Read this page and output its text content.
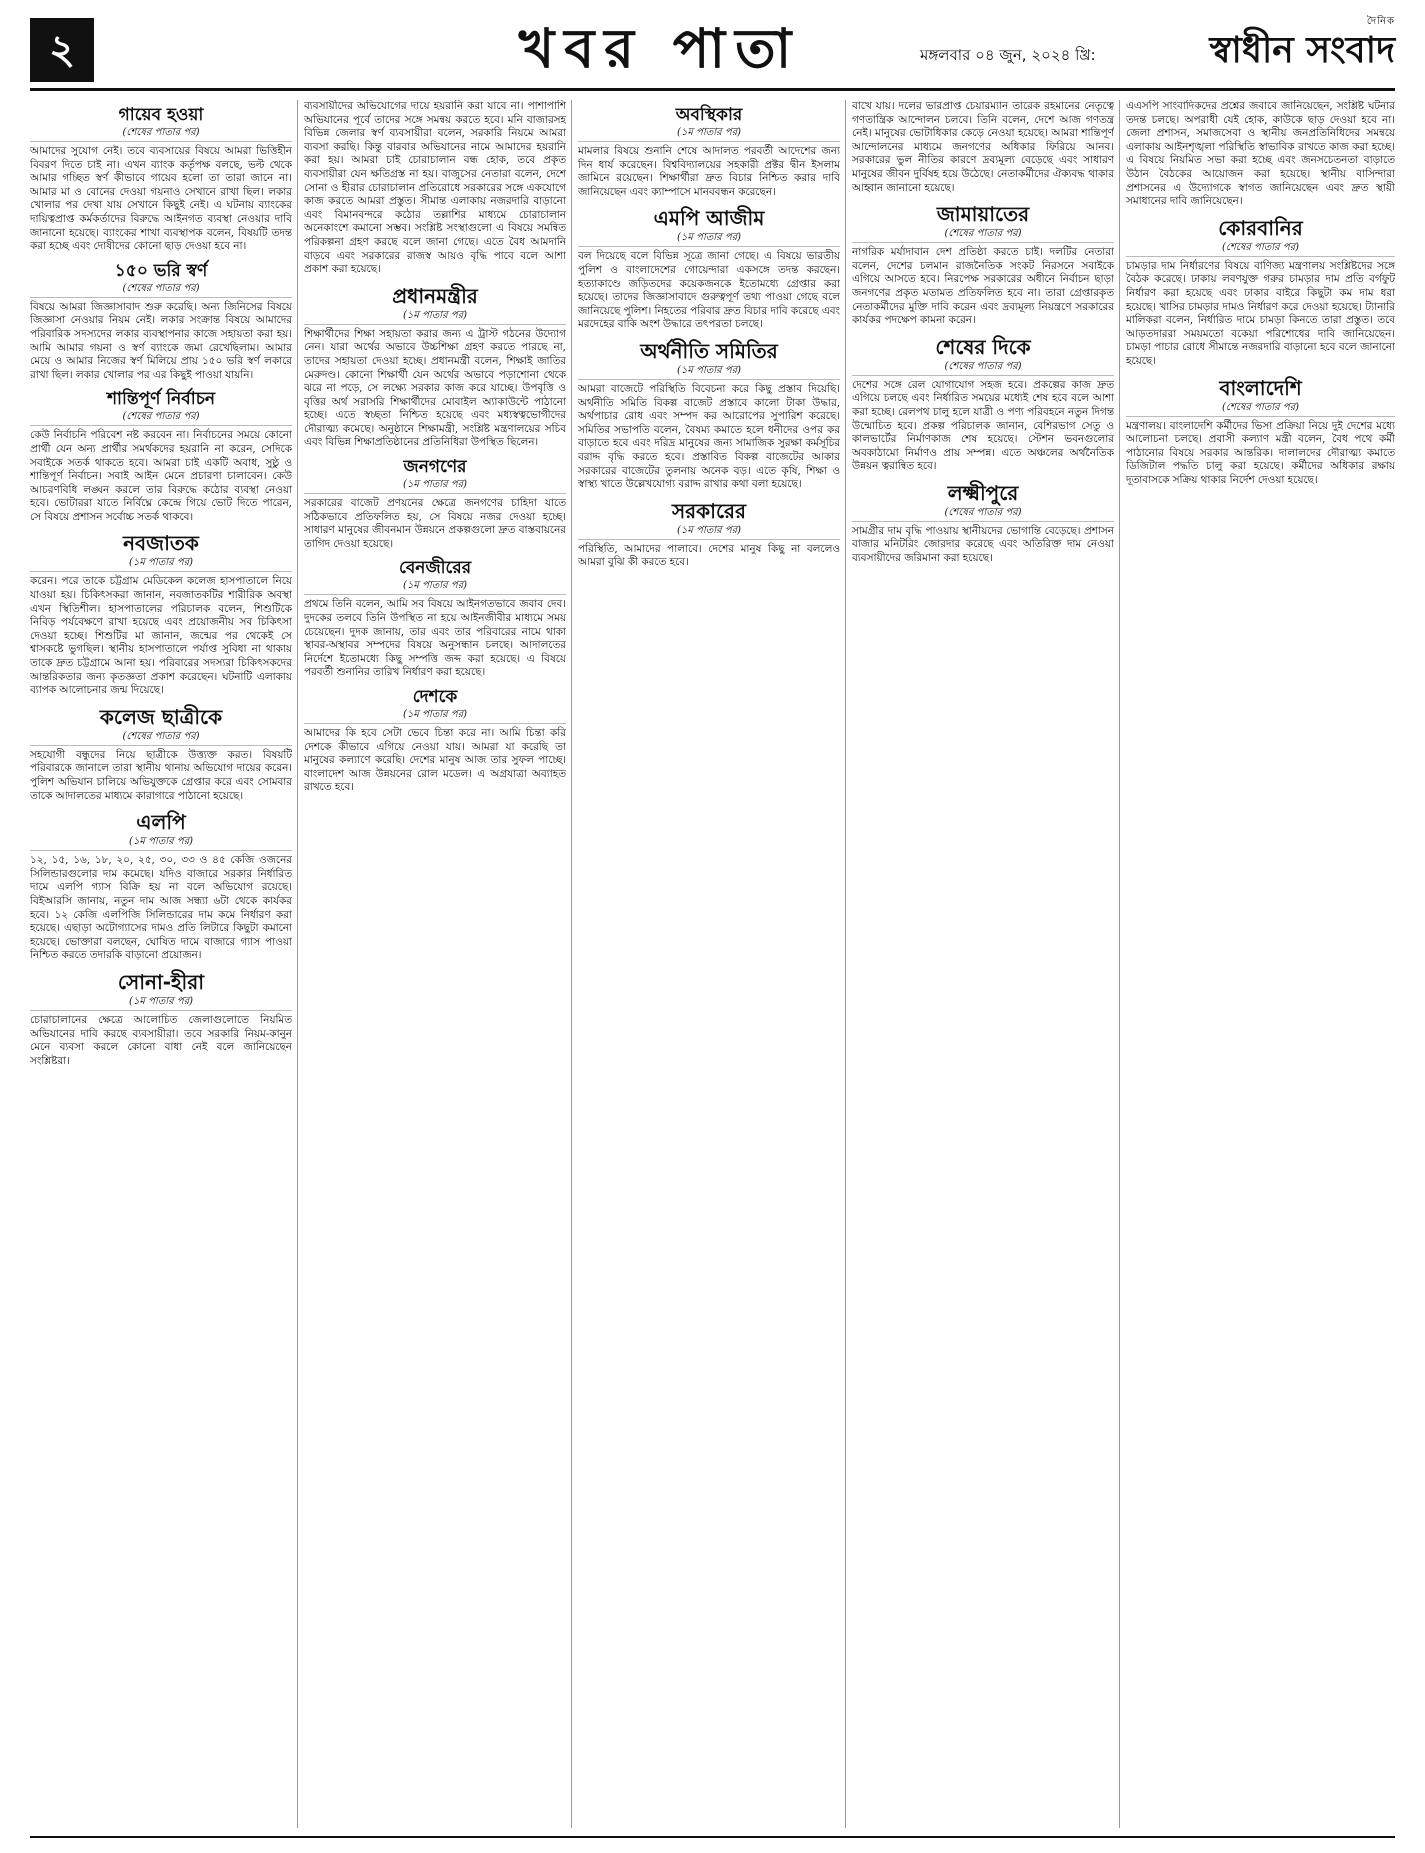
২	খবর পাতা	মঙ্গলবার ০৪ জুন, ২০২৪ খ্রি:
দৈনিক
স্বাধীন সংবাদ
গায়েব হওয়া
(শেষের পাতার পর)

আমাদের সুযোগ নেই। তবে ব্যবসায়ের বিষয়ে আমরা ভিত্তিহীন বিবরণ দিতে চাই না। এখন ব্যাংক কর্তৃপক্ষ বলছে, ভল্ট থেকে আমার গচ্ছিত স্বর্ণ কীভাবে গায়েব হলো তা তারা জানে না। আমার মা ও বোনের দেওয়া গয়নাও সেখানে রাখা ছিল। লকার খোলার পর দেখা যায় সেখানে কিছুই নেই। এ ঘটনায় ব্যাংকের দায়িত্বপ্রাপ্ত কর্মকর্তাদের বিরুদ্ধে আইনগত ব্যবস্থা নেওয়ার দাবি জানানো হয়েছে। ব্যাংকের শাখা ব্যবস্থাপক বলেন, বিষয়টি তদন্ত করা হচ্ছে এবং দোষীদের কোনো ছাড় দেওয়া হবে না।

১৫০ ভরি স্বর্ণ
(শেষের পাতার পর)

বিষয়ে আমরা জিজ্ঞাসাবাদ শুরু করেছি। অন্য জিনিসের বিষয়ে জিজ্ঞাসা নেওয়ার নিয়ম নেই। লকার সংক্রান্ত বিষয়ে আমাদের পরিবারিক সদস্যদের লকার ব্যবস্থাপনার কাজে সহায়তা করা হয়। আমি আমার গয়না ও স্বর্ণ ব্যাংকে জমা রেখেছিলাম। আমার মেয়ে ও আমার নিজের স্বর্ণ মিলিয়ে প্রায় ১৫০ ভরি স্বর্ণ লকারে রাখা ছিল। লকার খোলার পর এর কিছুই পাওয়া যায়নি।

শান্তিপূর্ণ নির্বাচন
(শেষের পাতার পর)

কেউ নির্বাচনি পরিবেশ নষ্ট করবেন না। নির্বাচনের সময়ে কোনো প্রার্থী যেন অন্য প্রার্থীর সমর্থকদের হয়রানি না করেন, সেদিকে সবাইকে সতর্ক থাকতে হবে। আমরা চাই একটি অবাধ, সুষ্ঠু ও শান্তিপূর্ণ নির্বাচন। সবাই আইন মেনে প্রচারণা চালাবেন। কেউ আচরণবিধি লঙ্ঘন করলে তার বিরুদ্ধে কঠোর ব্যবস্থা নেওয়া হবে। ভোটাররা যাতে নির্বিঘ্নে কেন্দ্রে গিয়ে ভোট দিতে পারেন, সে বিষয়ে প্রশাসন সর্বোচ্চ সতর্ক থাকবে।

নবজাতক
(১ম পাতার পর)

করেন। পরে তাকে চট্টগ্রাম মেডিকেল কলেজ হাসপাতালে নিয়ে যাওয়া হয়। চিকিৎসকরা জানান, নবজাতকটির শারীরিক অবস্থা এখন স্থিতিশীল। হাসপাতালের পরিচালক বলেন, শিশুটিকে নিবিড় পর্যবেক্ষণে রাখা হয়েছে এবং প্রয়োজনীয় সব চিকিৎসা দেওয়া হচ্ছে। শিশুটির মা জানান, জন্মের পর থেকেই সে শ্বাসকষ্টে ভুগছিল। স্থানীয় হাসপাতালে পর্যাপ্ত সুবিধা না থাকায় তাকে দ্রুত চট্টগ্রামে আনা হয়। পরিবারের সদস্যরা চিকিৎসকদের আন্তরিকতার জন্য কৃতজ্ঞতা প্রকাশ করেছেন। ঘটনাটি এলাকায় ব্যাপক আলোচনার জন্ম দিয়েছে।

কলেজ ছাত্রীকে
(শেষের পাতার পর)

সহযোগী বন্ধুদের নিয়ে ছাত্রীকে উত্ত্যক্ত করত। বিষয়টি পরিবারকে জানালে তারা স্থানীয় থানায় অভিযোগ দায়ের করেন। পুলিশ অভিযান চালিয়ে অভিযুক্তকে গ্রেপ্তার করে এবং সোমবার তাকে আদালতের মাধ্যমে কারাগারে পাঠানো হয়েছে।

এলপি
(১ম পাতার পর)

১২, ১৫, ১৬, ১৮, ২০, ২৫, ৩০, ৩৩ ও ৪৫ কেজি ওজনের সিলিন্ডারগুলোর দাম কমেছে। যদিও বাজারে সরকার নির্ধারিত দামে এলপি গ্যাস বিক্রি হয় না বলে অভিযোগ রয়েছে। বিইআরসি জানায়, নতুন দাম আজ সন্ধ্যা ৬টা থেকে কার্যকর হবে। ১২ কেজি এলপিজি সিলিন্ডারের দাম কমে নির্ধারণ করা হয়েছে। এছাড়া অটোগ্যাসের দামও প্রতি লিটারে কিছুটা কমানো হয়েছে। ভোক্তারা বলছেন, ঘোষিত দামে বাজারে গ্যাস পাওয়া নিশ্চিত করতে তদারকি বাড়ানো প্রয়োজন।

সোনা-হীরা
(১ম পাতার পর)

চোরাচালানের ক্ষেত্রে আলোচিত জেলাগুলোতে নিয়মিত অভিযানের দাবি করছে ব্যবসায়ীরা। তবে সরকারি নিয়ম-কানুন মেনে ব্যবসা করলে কোনো বাধা নেই বলে জানিয়েছেন সংশ্লিষ্টরা।

ব্যবসায়ীদের অভিযোগের দায়ে হয়রানি করা যাবে না। পাশাপাশি অভিযানের পূর্বে তাদের সঙ্গে সমন্বয় করতে হবে। মনি বাজারসহ বিভিন্ন জেলার স্বর্ণ ব্যবসায়ীরা বলেন, সরকারি নিয়মে আমরা ব্যবসা করছি। কিন্তু বারবার অভিযানের নামে আমাদের হয়রানি করা হয়। আমরা চাই চোরাচালান বন্ধ হোক, তবে প্রকৃত ব্যবসায়ীরা যেন ক্ষতিগ্রস্ত না হয়। বাজুসের নেতারা বলেন, দেশে সোনা ও হীরার চোরাচালান প্রতিরোধে সরকারের সঙ্গে একযোগে কাজ করতে আমরা প্রস্তুত। সীমান্ত এলাকায় নজরদারি বাড়ানো এবং বিমানবন্দরে কঠোর তল্লাশির মাধ্যমে চোরাচালান অনেকাংশে কমানো সম্ভব। সংশ্লিষ্ট সংস্থাগুলো এ বিষয়ে সমন্বিত পরিকল্পনা গ্রহণ করছে বলে জানা গেছে। এতে বৈধ আমদানি বাড়বে এবং সরকারের রাজস্ব আয়ও বৃদ্ধি পাবে বলে আশা প্রকাশ করা হয়েছে।

প্রধানমন্ত্রীর
(১ম পাতার পর)

শিক্ষার্থীদের শিক্ষা সহায়তা করার জন্য এ ট্রাস্ট গঠনের উদ্যোগ নেন। যারা অর্থের অভাবে উচ্চশিক্ষা গ্রহণ করতে পারছে না, তাদের সহায়তা দেওয়া হচ্ছে। প্রধানমন্ত্রী বলেন, শিক্ষাই জাতির মেরুদণ্ড। কোনো শিক্ষার্থী যেন অর্থের অভাবে পড়াশোনা থেকে ঝরে না পড়ে, সে লক্ষ্যে সরকার কাজ করে যাচ্ছে। উপবৃত্তি ও বৃত্তির অর্থ সরাসরি শিক্ষার্থীদের মোবাইল অ্যাকাউন্টে পাঠানো হচ্ছে। এতে স্বচ্ছতা নিশ্চিত হয়েছে এবং মধ্যস্বত্বভোগীদের দৌরাত্ম্য কমেছে। অনুষ্ঠানে শিক্ষামন্ত্রী, সংশ্লিষ্ট মন্ত্রণালয়ের সচিব এবং বিভিন্ন শিক্ষাপ্রতিষ্ঠানের প্রতিনিধিরা উপস্থিত ছিলেন।

জনগণের
(১ম পাতার পর)

সরকারের বাজেট প্রণয়নের ক্ষেত্রে জনগণের চাহিদা যাতে সঠিকভাবে প্রতিফলিত হয়, সে বিষয়ে নজর দেওয়া হচ্ছে। সাধারণ মানুষের জীবনমান উন্নয়নে প্রকল্পগুলো দ্রুত বাস্তবায়নের তাগিদ দেওয়া হয়েছে।

বেনজীরের
(১ম পাতার পর)

প্রথমে তিনি বলেন, আমি সব বিষয়ে আইনগতভাবে জবাব দেব। দুদকের তলবে তিনি উপস্থিত না হয়ে আইনজীবীর মাধ্যমে সময় চেয়েছেন। দুদক জানায়, তার এবং তার পরিবারের নামে থাকা স্থাবর-অস্থাবর সম্পদের বিষয়ে অনুসন্ধান চলছে। আদালতের নির্দেশে ইতোমধ্যে কিছু সম্পত্তি জব্দ করা হয়েছে। এ বিষয়ে পরবর্তী শুনানির তারিখ নির্ধারণ করা হয়েছে।

দেশকে
(১ম পাতার পর)

আমাদের কি হবে সেটা ভেবে চিন্তা করে না। আমি চিন্তা করি দেশকে কীভাবে এগিয়ে নেওয়া যায়। আমরা যা করেছি তা মানুষের কল্যাণে করেছি। দেশের মানুষ আজ তার সুফল পাচ্ছে। বাংলাদেশ আজ উন্নয়নের রোল মডেল। এ অগ্রযাত্রা অব্যাহত রাখতে হবে।

অবস্থিকার
(১ম পাতার পর)

মামলার বিষয়ে শুনানি শেষে আদালত পরবর্তী আদেশের জন্য দিন ধার্য করেছেন। বিশ্ববিদ্যালয়ের সহকারী প্রক্টর দ্বীন ইসলাম জামিনে রয়েছেন। শিক্ষার্থীরা দ্রুত বিচার নিশ্চিত করার দাবি জানিয়েছেন এবং ক্যাম্পাসে মানববন্ধন করেছেন।

এমপি আজীম
(১ম পাতার পর)

বল দিয়েছে বলে বিভিন্ন সূত্রে জানা গেছে। এ বিষয়ে ভারতীয় পুলিশ ও বাংলাদেশের গোয়েন্দারা একসঙ্গে তদন্ত করছেন। হত্যাকাণ্ডে জড়িতদের কয়েকজনকে ইতোমধ্যে গ্রেপ্তার করা হয়েছে। তাদের জিজ্ঞাসাবাদে গুরুত্বপূর্ণ তথ্য পাওয়া গেছে বলে জানিয়েছে পুলিশ। নিহতের পরিবার দ্রুত বিচার দাবি করেছে এবং মরদেহের বাকি অংশ উদ্ধারে তৎপরতা চলছে।

অর্থনীতি সমিতির
(১ম পাতার পর)

আমরা বাজেটে পরিস্থিতি বিবেচনা করে কিছু প্রস্তাব দিয়েছি। অর্থনীতি সমিতি বিকল্প বাজেট প্রস্তাবে কালো টাকা উদ্ধার, অর্থপাচার রোধ এবং সম্পদ কর আরোপের সুপারিশ করেছে। সমিতির সভাপতি বলেন, বৈষম্য কমাতে হলে ধনীদের ওপর কর বাড়াতে হবে এবং দরিদ্র মানুষের জন্য সামাজিক সুরক্ষা কর্মসূচির বরাদ্দ বৃদ্ধি করতে হবে। প্রস্তাবিত বিকল্প বাজেটের আকার সরকারের বাজেটের তুলনায় অনেক বড়। এতে কৃষি, শিক্ষা ও স্বাস্থ্য খাতে উল্লেখযোগ্য বরাদ্দ রাখার কথা বলা হয়েছে।

সরকারের
(১ম পাতার পর)

পরিস্থিতি, আমাদের পালাবে। দেশের মানুষ কিছু না বললেও আমরা বুঝি কী করতে হবে।

বাখে যায়। দলের ভারপ্রাপ্ত চেয়ারম্যান তারেক রহমানের নেতৃত্বে গণতান্ত্রিক আন্দোলন চলবে। তিনি বলেন, দেশে আজ গণতন্ত্র নেই। মানুষের ভোটাধিকার কেড়ে নেওয়া হয়েছে। আমরা শান্তিপূর্ণ আন্দোলনের মাধ্যমে জনগণের অধিকার ফিরিয়ে আনব। সরকারের ভুল নীতির কারণে দ্রব্যমূল্য বেড়েছে এবং সাধারণ মানুষের জীবন দুর্বিষহ হয়ে উঠেছে। নেতাকর্মীদের ঐক্যবদ্ধ থাকার আহ্বান জানানো হয়েছে।

জামায়াতের
(শেষের পাতার পর)

নাগরিক মর্যাদাবান দেশ প্রতিষ্ঠা করতে চাই। দলটির নেতারা বলেন, দেশের চলমান রাজনৈতিক সংকট নিরসনে সবাইকে এগিয়ে আসতে হবে। নিরপেক্ষ সরকারের অধীনে নির্বাচন ছাড়া জনগণের প্রকৃত মতামত প্রতিফলিত হবে না। তারা গ্রেপ্তারকৃত নেতাকর্মীদের মুক্তি দাবি করেন এবং দ্রব্যমূল্য নিয়ন্ত্রণে সরকারের কার্যকর পদক্ষেপ কামনা করেন।

শেষের দিকে
(শেষের পাতার পর)

দেশের সঙ্গে রেল যোগাযোগ সহজ হবে। প্রকল্পের কাজ দ্রুত এগিয়ে চলছে এবং নির্ধারিত সময়ের মধ্যেই শেষ হবে বলে আশা করা হচ্ছে। রেলপথ চালু হলে যাত্রী ও পণ্য পরিবহনে নতুন দিগন্ত উন্মোচিত হবে। প্রকল্প পরিচালক জানান, বেশিরভাগ সেতু ও কালভার্টের নির্মাণকাজ শেষ হয়েছে। স্টেশন ভবনগুলোর অবকাঠামো নির্মাণও প্রায় সম্পন্ন। এতে অঞ্চলের অর্থনৈতিক উন্নয়ন ত্বরান্বিত হবে।

লক্ষ্মীপুরে
(শেষের পাতার পর)

সামগ্রীর দাম বৃদ্ধি পাওয়ায় স্থানীয়দের ভোগান্তি বেড়েছে। প্রশাসন বাজার মনিটরিং জোরদার করেছে এবং অতিরিক্ত দাম নেওয়া ব্যবসায়ীদের জরিমানা করা হয়েছে।

এএসপি সাংবাদিকদের প্রশ্নের জবাবে জানিয়েছেন, সংশ্লিষ্ট ঘটনার তদন্ত চলছে। অপরাধী যেই হোক, কাউকে ছাড় দেওয়া হবে না। জেলা প্রশাসন, সমাজসেবা ও স্থানীয় জনপ্রতিনিধিদের সমন্বয়ে এলাকায় আইনশৃঙ্খলা পরিস্থিতি স্বাভাবিক রাখতে কাজ করা হচ্ছে। এ বিষয়ে নিয়মিত সভা করা হচ্ছে এবং জনসচেতনতা বাড়াতে উঠান বৈঠকের আয়োজন করা হয়েছে। স্থানীয় বাসিন্দারা প্রশাসনের এ উদ্যোগকে স্বাগত জানিয়েছেন এবং দ্রুত স্থায়ী সমাধানের দাবি জানিয়েছেন।

কোরবানির
(শেষের পাতার পর)

চামড়ার দাম নির্ধারণের বিষয়ে বাণিজ্য মন্ত্রণালয় সংশ্লিষ্টদের সঙ্গে বৈঠক করেছে। ঢাকায় লবণযুক্ত গরুর চামড়ার দাম প্রতি বর্গফুট নির্ধারণ করা হয়েছে এবং ঢাকার বাইরে কিছুটা কম দাম ধরা হয়েছে। খাসির চামড়ার দামও নির্ধারণ করে দেওয়া হয়েছে। ট্যানারি মালিকরা বলেন, নির্ধারিত দামে চামড়া কিনতে তারা প্রস্তুত। তবে আড়তদাররা সময়মতো বকেয়া পরিশোধের দাবি জানিয়েছেন। চামড়া পাচার রোধে সীমান্তে নজরদারি বাড়ানো হবে বলে জানানো হয়েছে।

বাংলাদেশি
(শেষের পাতার পর)

মন্ত্রণালয়। বাংলাদেশি কর্মীদের ভিসা প্রক্রিয়া নিয়ে দুই দেশের মধ্যে আলোচনা চলছে। প্রবাসী কল্যাণ মন্ত্রী বলেন, বৈধ পথে কর্মী পাঠানোর বিষয়ে সরকার আন্তরিক। দালালদের দৌরাত্ম্য কমাতে ডিজিটাল পদ্ধতি চালু করা হয়েছে। কর্মীদের অধিকার রক্ষায় দূতাবাসকে সক্রিয় থাকার নির্দেশ দেওয়া হয়েছে।
